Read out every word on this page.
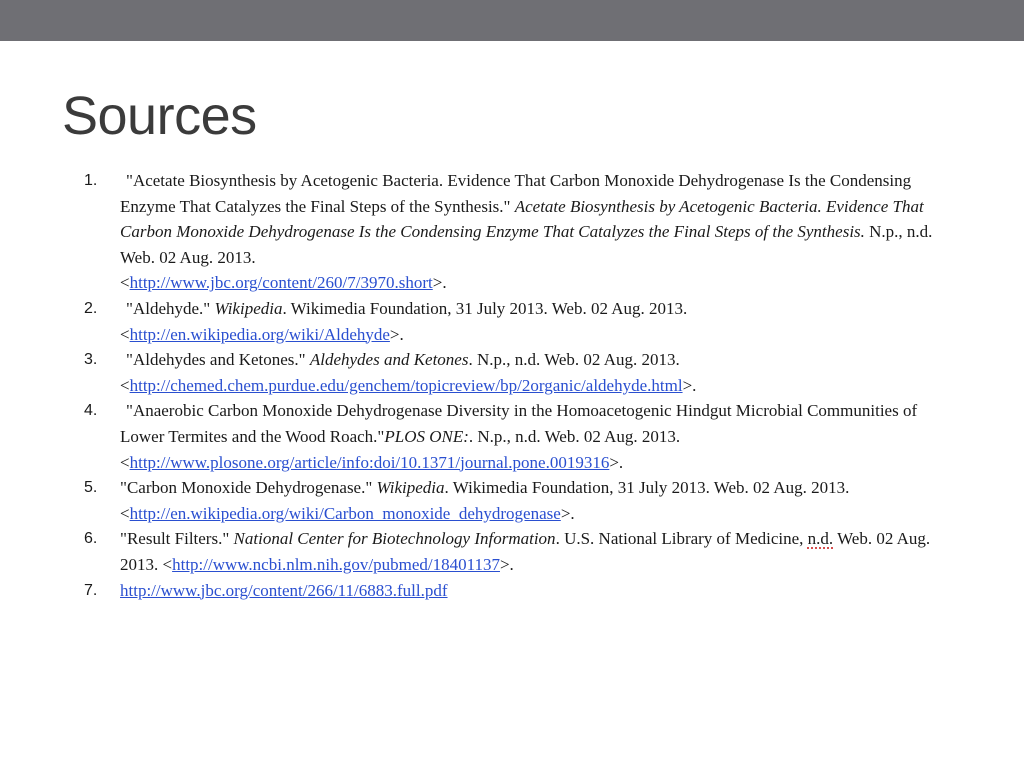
Sources
1. "Acetate Biosynthesis by Acetogenic Bacteria. Evidence That Carbon Monoxide Dehydrogenase Is the Condensing Enzyme That Catalyzes the Final Steps of the Synthesis." Acetate Biosynthesis by Acetogenic Bacteria. Evidence That Carbon Monoxide Dehydrogenase Is the Condensing Enzyme That Catalyzes the Final Steps of the Synthesis. N.p., n.d. Web. 02 Aug. 2013.
<http://www.jbc.org/content/260/7/3970.short>.
2. "Aldehyde." Wikipedia. Wikimedia Foundation, 31 July 2013. Web. 02 Aug. 2013.
<http://en.wikipedia.org/wiki/Aldehyde>.
3. "Aldehydes and Ketones." Aldehydes and Ketones. N.p., n.d. Web. 02 Aug. 2013.
<http://chemed.chem.purdue.edu/genchem/topicreview/bp/2organic/aldehyde.html>.
4. "Anaerobic Carbon Monoxide Dehydrogenase Diversity in the Homoacetogenic Hindgut Microbial Communities of Lower Termites and the Wood Roach."PLOS ONE:. N.p., n.d. Web. 02 Aug. 2013.
<http://www.plosone.org/article/info:doi/10.1371/journal.pone.0019316>.
5. "Carbon Monoxide Dehydrogenase." Wikipedia. Wikimedia Foundation, 31 July 2013. Web. 02 Aug. 2013. <http://en.wikipedia.org/wiki/Carbon_monoxide_dehydrogenase>.
6. "Result Filters." National Center for Biotechnology Information. U.S. National Library of Medicine, n.d. Web. 02 Aug. 2013. <http://www.ncbi.nlm.nih.gov/pubmed/18401137>.
7. http://www.jbc.org/content/266/11/6883.full.pdf
